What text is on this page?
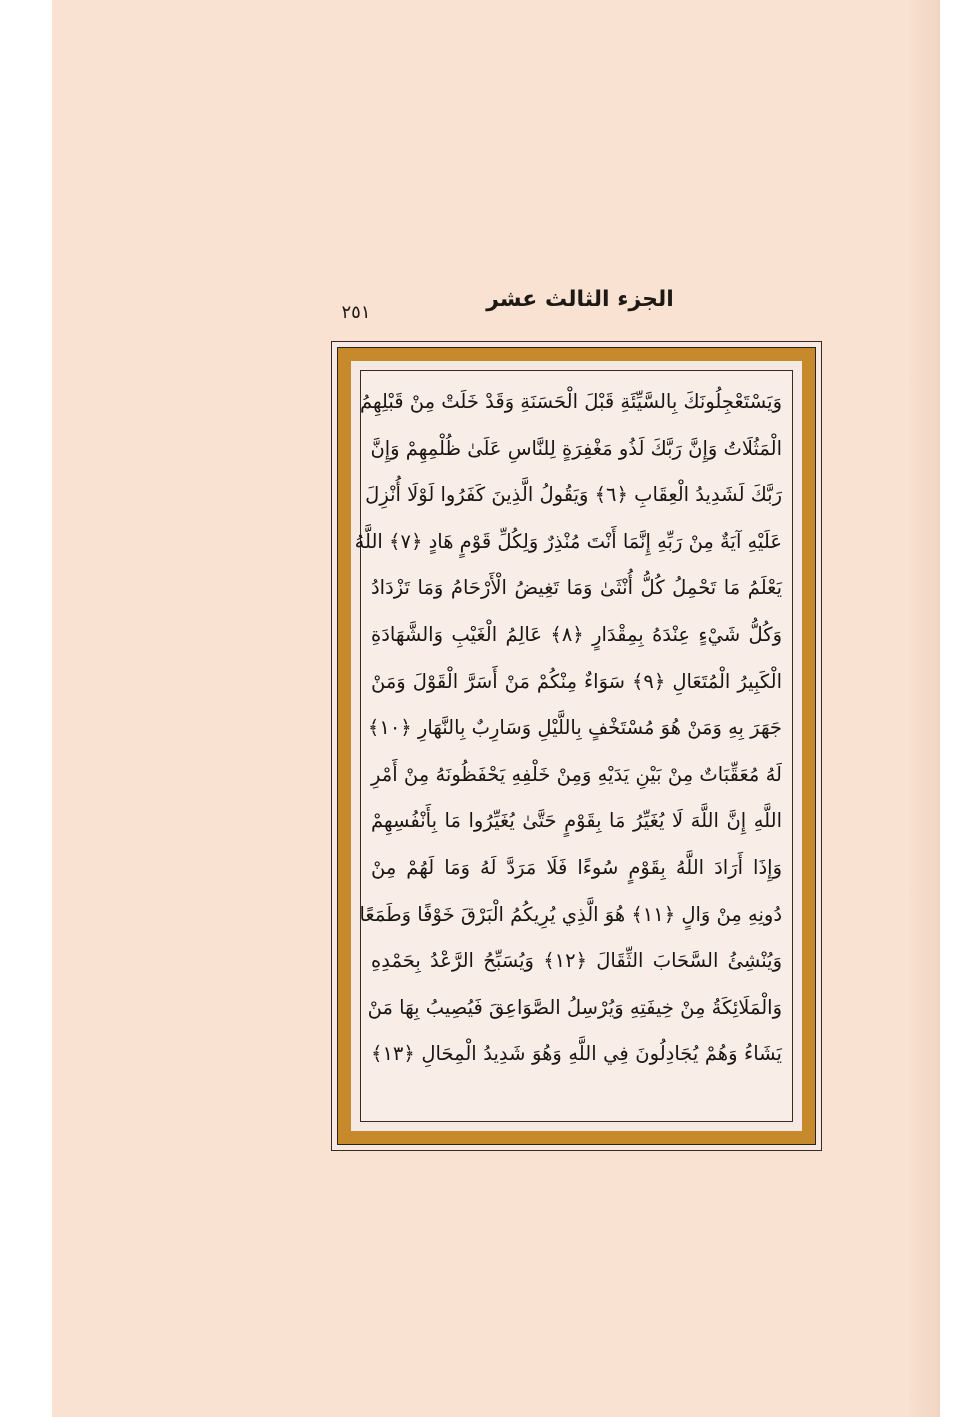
الجزء الثالث عشر
٢٥١
وَيَسْتَعْجِلُونَكَ بِالسَّيِّئَةِ قَبْلَ الْحَسَنَةِ وَقَدْ خَلَتْ مِنْ قَبْلِهِمُ
الْمَثُلَاتُ وَإِنَّ رَبَّكَ لَذُو مَغْفِرَةٍ لِلنَّاسِ عَلَىٰ ظُلْمِهِمْ وَإِنَّ
رَبَّكَ لَشَدِيدُ الْعِقَابِ ﴿٦﴾ وَيَقُولُ الَّذِينَ كَفَرُوا لَوْلَا أُنْزِلَ
عَلَيْهِ آيَةٌ مِنْ رَبِّهِ إِنَّمَا أَنْتَ مُنْذِرٌ وَلِكُلِّ قَوْمٍ هَادٍ ﴿٧﴾ اللَّهُ
يَعْلَمُ مَا تَحْمِلُ كُلُّ أُنْثَىٰ وَمَا تَغِيضُ الْأَرْحَامُ وَمَا تَزْدَادُ
وَكُلُّ شَيْءٍ عِنْدَهُ بِمِقْدَارٍ ﴿٨﴾ عَالِمُ الْغَيْبِ وَالشَّهَادَةِ
الْكَبِيرُ الْمُتَعَالِ ﴿٩﴾ سَوَاءٌ مِنْكُمْ مَنْ أَسَرَّ الْقَوْلَ وَمَنْ
جَهَرَ بِهِ وَمَنْ هُوَ مُسْتَخْفٍ بِاللَّيْلِ وَسَارِبٌ بِالنَّهَارِ ﴿١٠﴾
لَهُ مُعَقِّبَاتٌ مِنْ بَيْنِ يَدَيْهِ وَمِنْ خَلْفِهِ يَحْفَظُونَهُ مِنْ أَمْرِ
اللَّهِ إِنَّ اللَّهَ لَا يُغَيِّرُ مَا بِقَوْمٍ حَتَّىٰ يُغَيِّرُوا مَا بِأَنْفُسِهِمْ
وَإِذَا أَرَادَ اللَّهُ بِقَوْمٍ سُوءًا فَلَا مَرَدَّ لَهُ وَمَا لَهُمْ مِنْ
دُونِهِ مِنْ وَالٍ ﴿١١﴾ هُوَ الَّذِي يُرِيكُمُ الْبَرْقَ خَوْفًا وَطَمَعًا
وَيُنْشِئُ السَّحَابَ الثِّقَالَ ﴿١٢﴾ وَيُسَبِّحُ الرَّعْدُ بِحَمْدِهِ
وَالْمَلَائِكَةُ مِنْ خِيفَتِهِ وَيُرْسِلُ الصَّوَاعِقَ فَيُصِيبُ بِهَا مَنْ
يَشَاءُ وَهُمْ يُجَادِلُونَ فِي اللَّهِ وَهُوَ شَدِيدُ الْمِحَالِ ﴿١٣﴾
